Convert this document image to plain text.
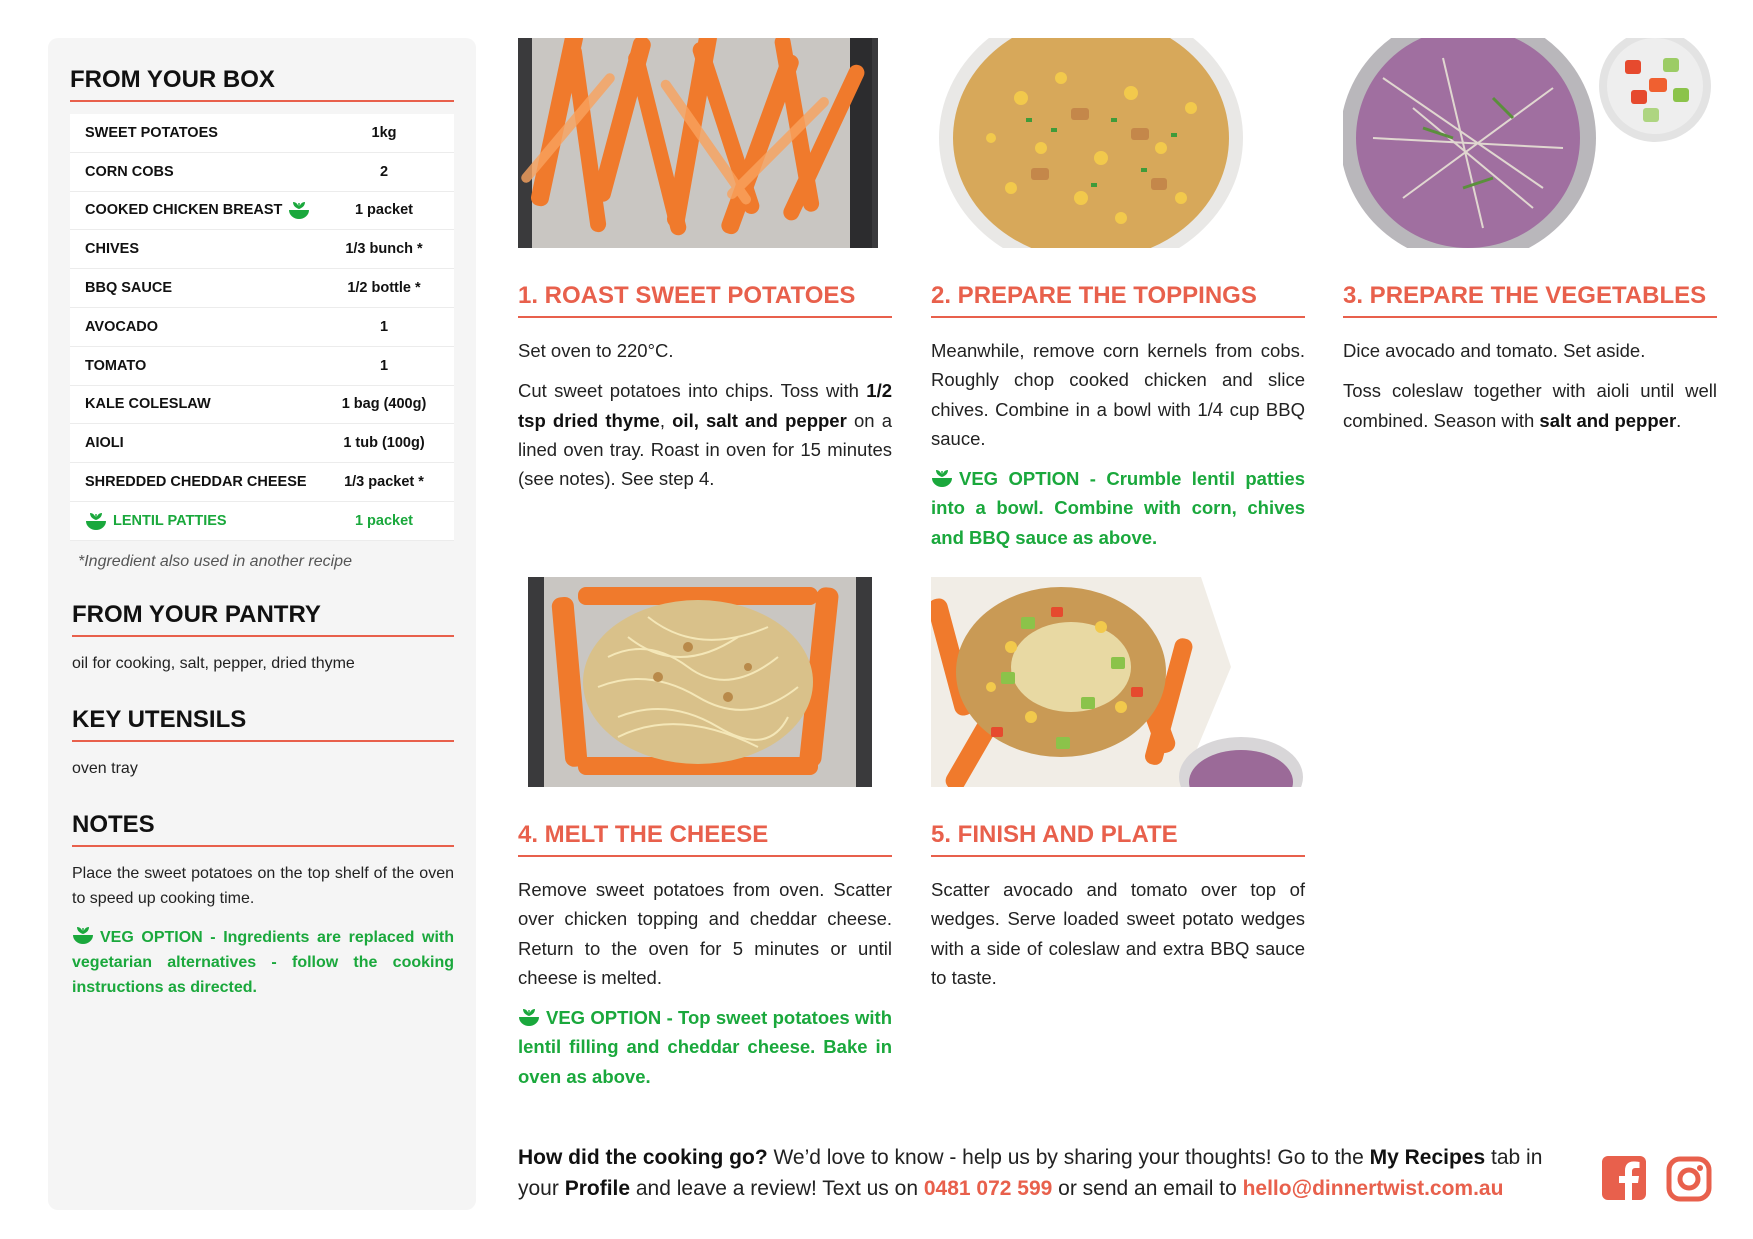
FROM YOUR BOX
SWEET POTATOES	1kg
CORN COBS	2
COOKED CHICKEN BREAST	1 packet
CHIVES	1/3 bunch *
BBQ SAUCE	1/2 bottle *
AVOCADO	1
TOMATO	1
KALE COLESLAW	1 bag (400g)
AIOLI	1 tub (100g)
SHREDDED CHEDDAR CHEESE	1/3 packet *
LENTIL PATTIES	1 packet
*Ingredient also used in another recipe
FROM YOUR PANTRY
oil for cooking, salt, pepper, dried thyme
KEY UTENSILS
oven tray
NOTES
Place the sweet potatoes on the top shelf of the oven to speed up cooking time.
VEG OPTION - Ingredients are replaced with vegetarian alternatives - follow the cooking instructions as directed.
1. ROAST SWEET POTATOES

Set oven to 220°C.

Cut sweet potatoes into chips. Toss with 1/2 tsp dried thyme, oil, salt and pepper on a lined oven tray. Roast in oven for 15 minutes (see notes). See step 4.

2. PREPARE THE TOPPINGS

Meanwhile, remove corn kernels from cobs. Roughly chop cooked chicken and slice chives. Combine in a bowl with 1/4 cup BBQ sauce.

VEG OPTION - Crumble lentil patties into a bowl. Combine with corn, chives and BBQ sauce as above.

3. PREPARE THE VEGETABLES

Dice avocado and tomato. Set aside.

Toss coleslaw together with aioli until well combined. Season with salt and pepper.

4. MELT THE CHEESE

Remove sweet potatoes from oven. Scatter over chicken topping and cheddar cheese. Return to the oven for 5 minutes or until cheese is melted.

VEG OPTION - Top sweet potatoes with lentil filling and cheddar cheese. Bake in oven as above.

5. FINISH AND PLATE

Scatter avocado and tomato over top of wedges. Serve loaded sweet potato wedges with a side of coleslaw and extra BBQ sauce to taste.

How did the cooking go? We’d love to know - help us by sharing your thoughts! Go to the My Recipes tab in your Profile and leave a review! Text us on 0481 072 599 or send an email to hello@dinnertwist.com.au
